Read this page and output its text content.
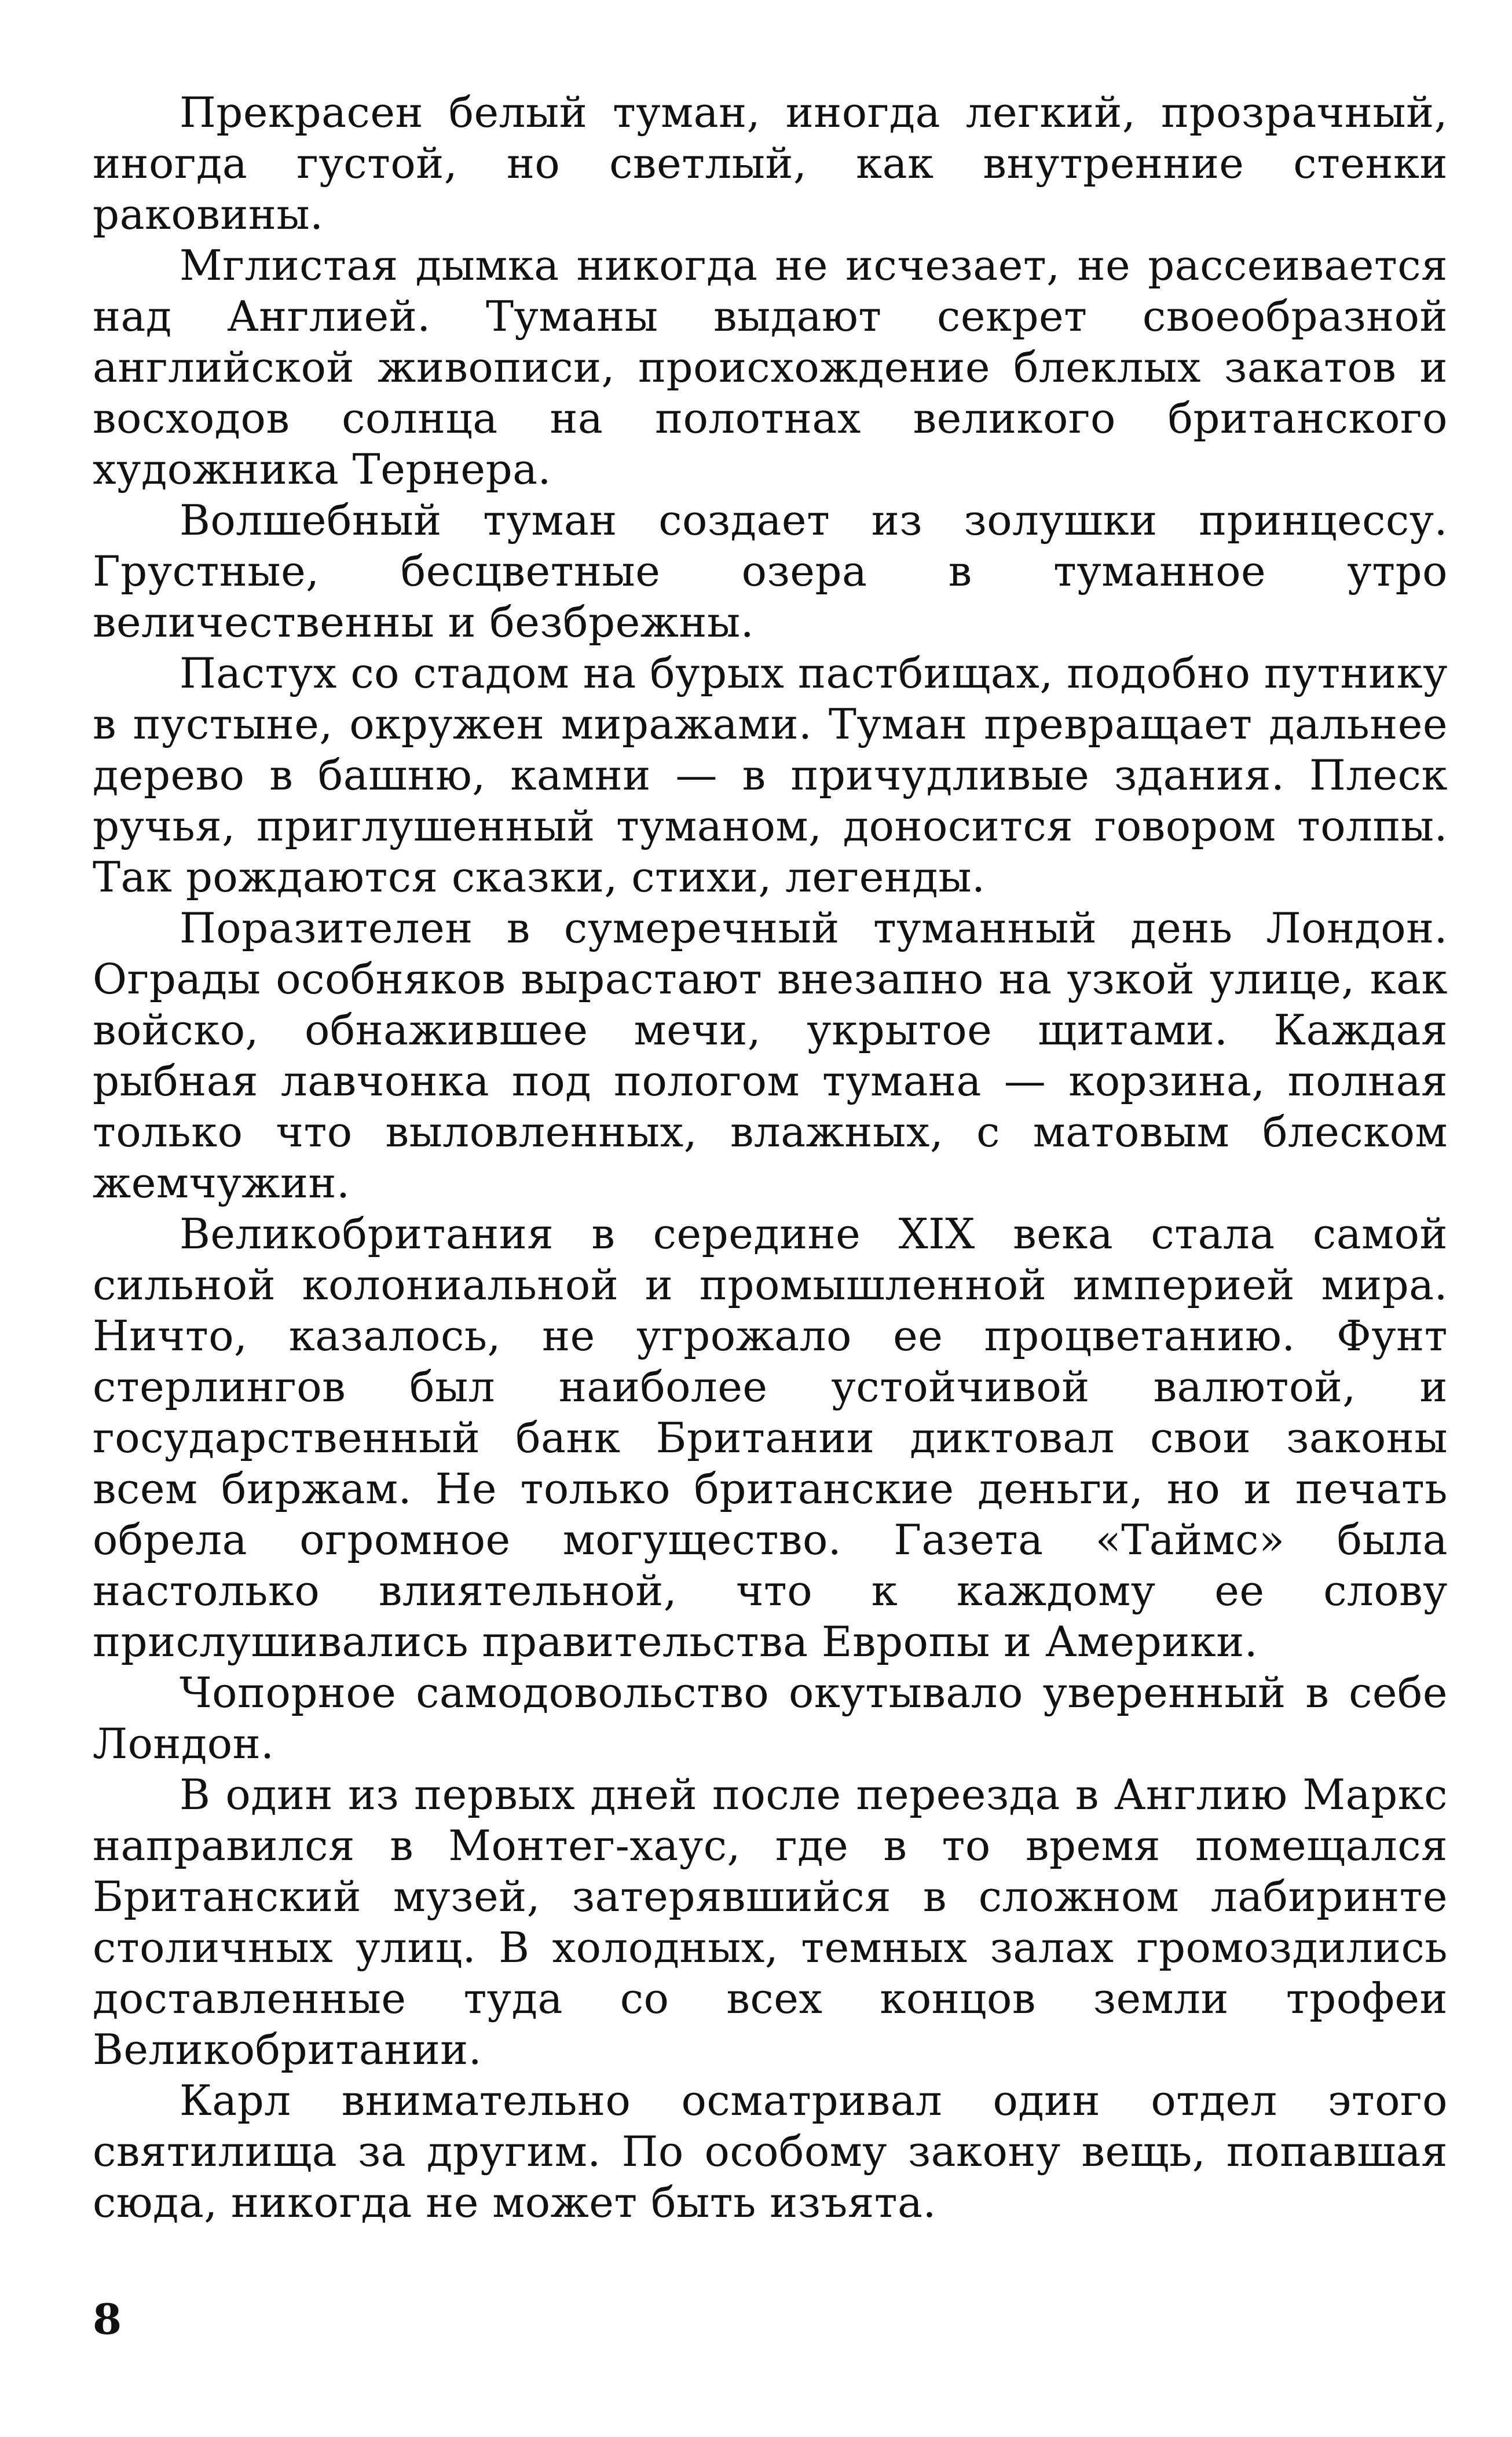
Прекрасен белый туман, иногда легкий, прозрачный, иногда густой, но светлый, как внутренние стенки раковины.

Мглистая дымка никогда не исчезает, не рассеивается над Англией. Туманы выдают секрет своеобразной английской живописи, происхождение блеклых закатов и восходов солнца на полотнах великого британского художника Тернера.

Волшебный туман создает из золушки принцессу. Грустные, бесцветные озера в туманное утро величественны и безбрежны.

Пастух со стадом на бурых пастбищах, подобно путнику в пустыне, окружен миражами. Туман превращает дальнее дерево в башню, камни — в причудливые здания. Плеск ручья, приглушенный туманом, доносится говором толпы. Так рождаются сказки, стихи, легенды.

Поразителен в сумеречный туманный день Лондон. Ограды особняков вырастают внезапно на узкой улице, как войско, обнажившее мечи, укрытое щитами. Каждая рыбная лавчонка под пологом тумана — корзина, полная только что выловленных, влажных, с матовым блеском жемчужин.

Великобритания в середине XIX века стала самой сильной колониальной и промышленной империей мира. Ничто, казалось, не угрожало ее процветанию. Фунт стерлингов был наиболее устойчивой валютой, и государственный банк Британии диктовал свои законы всем биржам. Не только британские деньги, но и печать обрела огромное могущество. Газета «Таймс» была настолько влиятельной, что к каждому ее слову прислушивались правительства Европы и Америки.

Чопорное самодовольство окутывало уверенный в себе Лондон.

В один из первых дней после переезда в Англию Маркс направился в Монтег-хаус, где в то время помещался Британский музей, затерявшийся в сложном лабиринте столичных улиц. В холодных, темных залах громоздились доставленные туда со всех концов земли трофеи Великобритании.

Карл внимательно осматривал один отдел этого святилища за другим. По особому закону вещь, попавшая сюда, никогда не может быть изъята.

8
